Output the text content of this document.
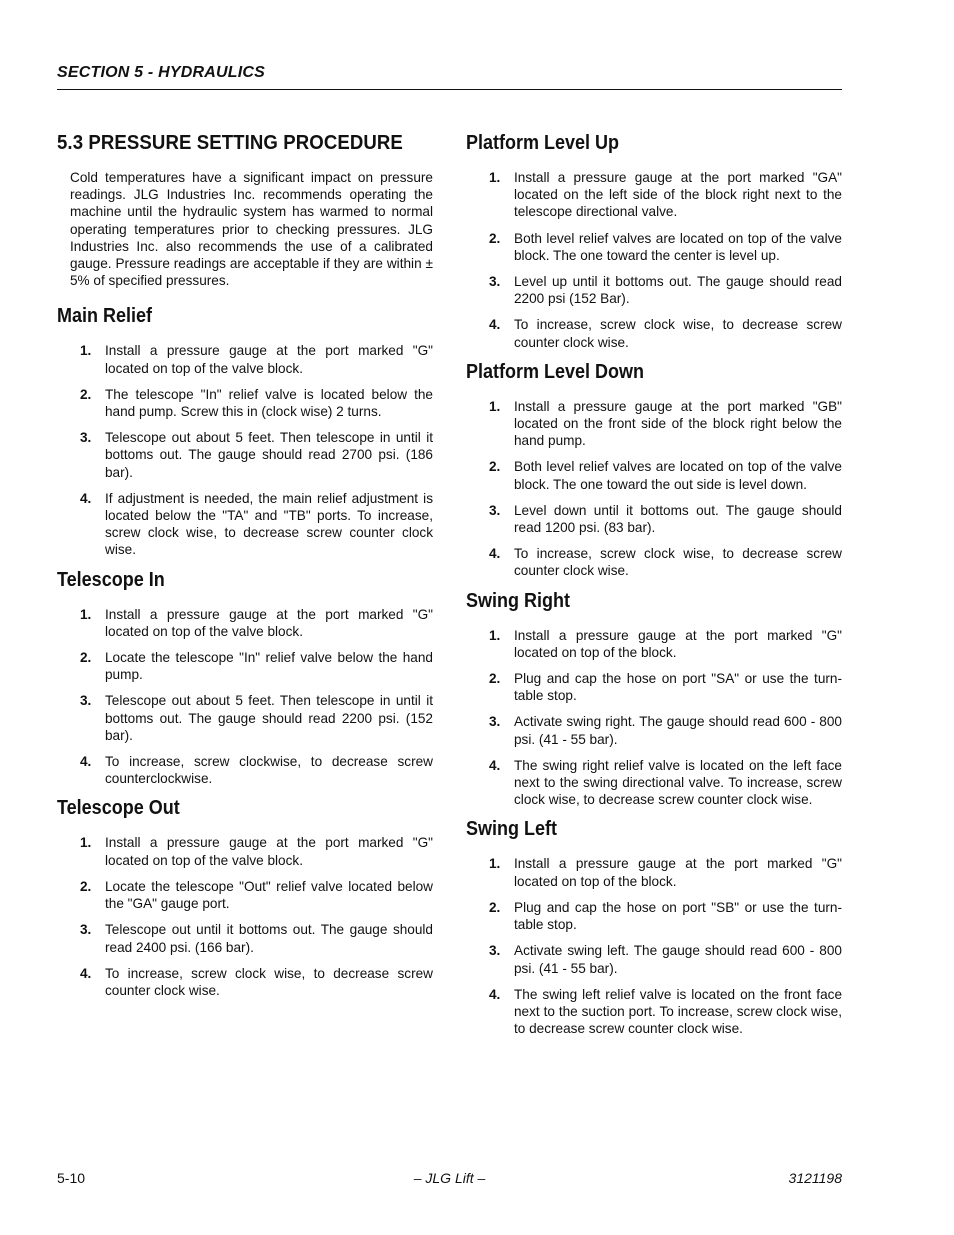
SECTION 5 - HYDRAULICS
5.3 PRESSURE SETTING PROCEDURE

Cold temperatures have a significant impact on pressure readings. JLG Industries Inc. recommends operating the machine until the hydraulic system has warmed to normal operating temperatures prior to checking pressures. JLG Industries Inc. also recommends the use of a calibrated gauge. Pressure readings are acceptable if they are within ± 5% of specified pressures.

Main Relief
1.	Install a pressure gauge at the port marked "G" located on top of the valve block.
2.	The telescope "In" relief valve is located below the hand pump. Screw this in (clock wise) 2 turns.
3.	Telescope out about 5 feet. Then telescope in until it bottoms out. The gauge should read 2700 psi. (186 bar).
4.	If adjustment is needed, the main relief adjustment is located below the "TA" and "TB" ports. To increase, screw clock wise, to decrease screw counter clock wise.
Telescope In
1.	Install a pressure gauge at the port marked "G" located on top of the valve block.
2.	Locate the telescope "In" relief valve below the hand pump.
3.	Telescope out about 5 feet. Then telescope in until it bottoms out. The gauge should read 2200 psi. (152 bar).
4.	To increase, screw clockwise, to decrease screw counterclockwise.
Telescope Out
1.	Install a pressure gauge at the port marked "G" located on top of the valve block.
2.	Locate the telescope "Out" relief valve located below the "GA" gauge port.
3.	Telescope out until it bottoms out. The gauge should read 2400 psi. (166 bar).
4.	To increase, screw clock wise, to decrease screw counter clock wise.
Platform Level Up
1.	Install a pressure gauge at the port marked "GA" located on the left side of the block right next to the telescope directional valve.
2.	Both level relief valves are located on top of the valve block. The one toward the center is level up.
3.	Level up until it bottoms out. The gauge should read 2200 psi (152 Bar).
4.	To increase, screw clock wise, to decrease screw counter clock wise.
Platform Level Down
1.	Install a pressure gauge at the port marked "GB" located on the front side of the block right below the hand pump.
2.	Both level relief valves are located on top of the valve block. The one toward the out side is level down.
3.	Level down until it bottoms out. The gauge should read 1200 psi. (83 bar).
4.	To increase, screw clock wise, to decrease screw counter clock wise.
Swing Right
1.	Install a pressure gauge at the port marked "G" located on top of the block.
2.	Plug and cap the hose on port "SA" or use the turn-table stop.
3.	Activate swing right. The gauge should read 600 - 800 psi. (41 - 55 bar).
4.	The swing right relief valve is located on the left face next to the swing directional valve. To increase, screw clock wise, to decrease screw counter clock wise.
Swing Left
1.	Install a pressure gauge at the port marked "G" located on top of the block.
2.	Plug and cap the hose on port "SB" or use the turn-table stop.
3.	Activate swing left. The gauge should read 600 - 800 psi. (41 - 55 bar).
4.	The swing left relief valve is located on the front face next to the suction port. To increase, screw clock wise, to decrease screw counter clock wise.
5-10	– JLG Lift –	3121198
